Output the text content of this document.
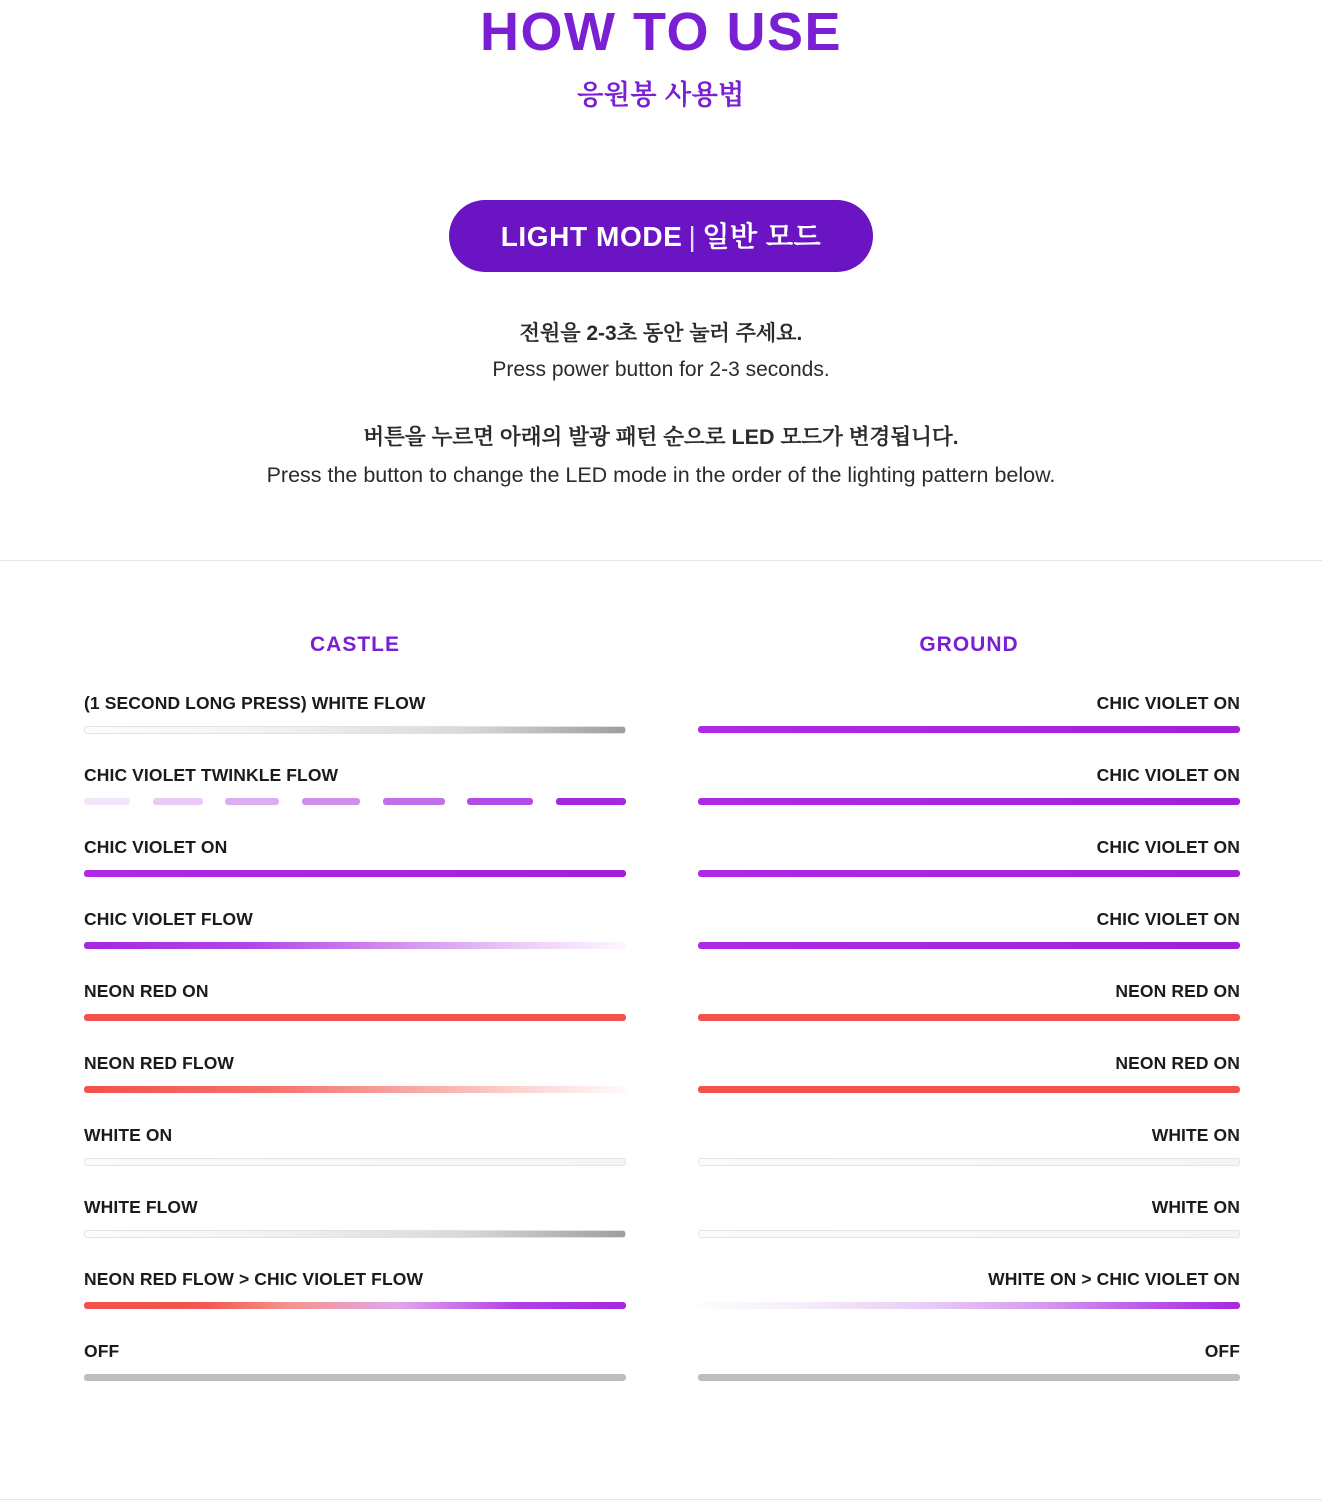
HOW TO USE
응원봉 사용법
LIGHT MODE | 일반 모드
전원을 2-3초 동안 눌러 주세요.
Press power button for 2-3 seconds.
버튼을 누르면 아래의 발광 패턴 순으로 LED 모드가 변경됩니다.
Press the button to change the LED mode in the order of the lighting pattern below.
CASTLE	GROUND
(1 SECOND LONG PRESS) WHITE FLOW	CHIC VIOLET ON
CHIC VIOLET TWINKLE FLOW	CHIC VIOLET ON
CHIC VIOLET ON	CHIC VIOLET ON
CHIC VIOLET FLOW	CHIC VIOLET ON
NEON RED ON	NEON RED ON
NEON RED FLOW	NEON RED ON
WHITE ON	WHITE ON
WHITE FLOW	WHITE ON
NEON RED FLOW > CHIC VIOLET FLOW	WHITE ON > CHIC VIOLET ON
OFF	OFF
